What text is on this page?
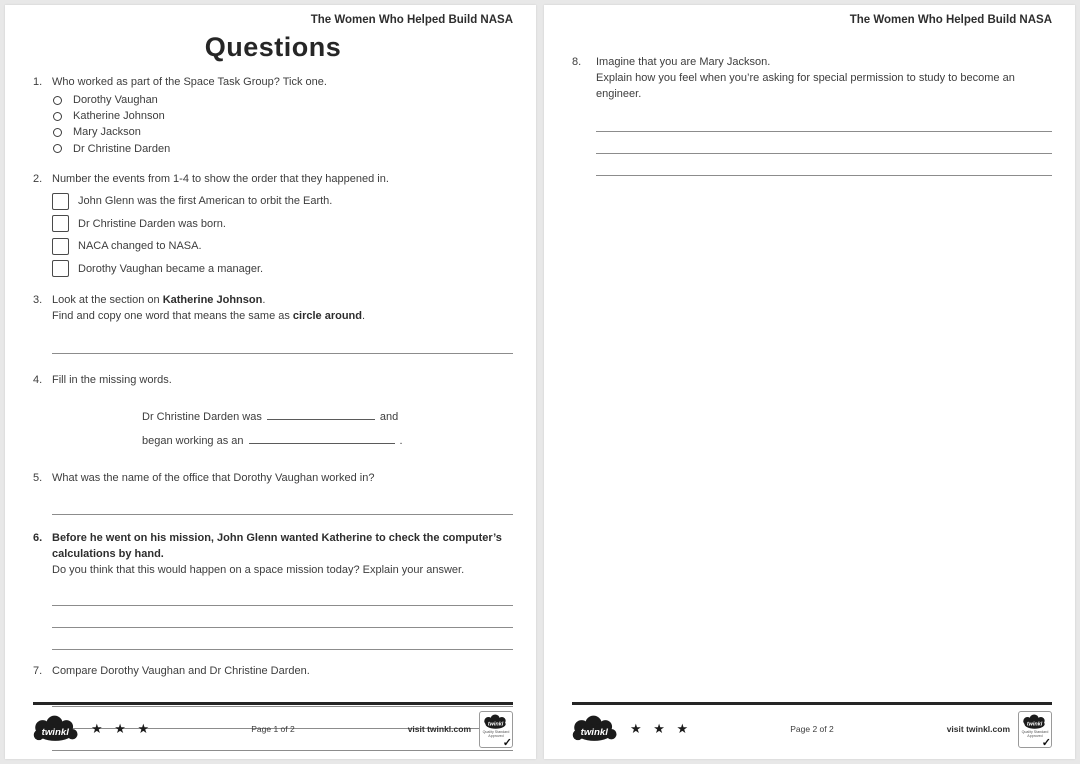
The Women Who Helped Build NASA
Questions
1. Who worked as part of the Space Task Group? Tick one.
Dorothy Vaughan
Katherine Johnson
Mary Jackson
Dr Christine Darden
2. Number the events from 1-4 to show the order that they happened in.
John Glenn was the first American to orbit the Earth.
Dr Christine Darden was born.
NACA changed to NASA.
Dorothy Vaughan became a manager.
3. Look at the section on Katherine Johnson.
Find and copy one word that means the same as circle around.
4. Fill in the missing words.
Dr Christine Darden was	and
began working as an	.
5. What was the name of the office that Dorothy Vaughan worked in?
6. Before he went on his mission, John Glenn wanted Katherine to check the computer’s calculations by hand.
Do you think that this would happen on a space mission today? Explain your answer.
7. Compare Dorothy Vaughan and Dr Christine Darden.
twinkl ★ ★ ★	Page 1 of 2	visit twinkl.com
twinkl
Quality Standard
Approved
✓
The Women Who Helped Build NASA
8.	Imagine that you are Mary Jackson.
Explain how you feel when you’re asking for special permission to study to become an engineer.
twinkl ★ ★ ★	Page 2 of 2	visit twinkl.com
twinkl
Quality Standard
Approved
✓
